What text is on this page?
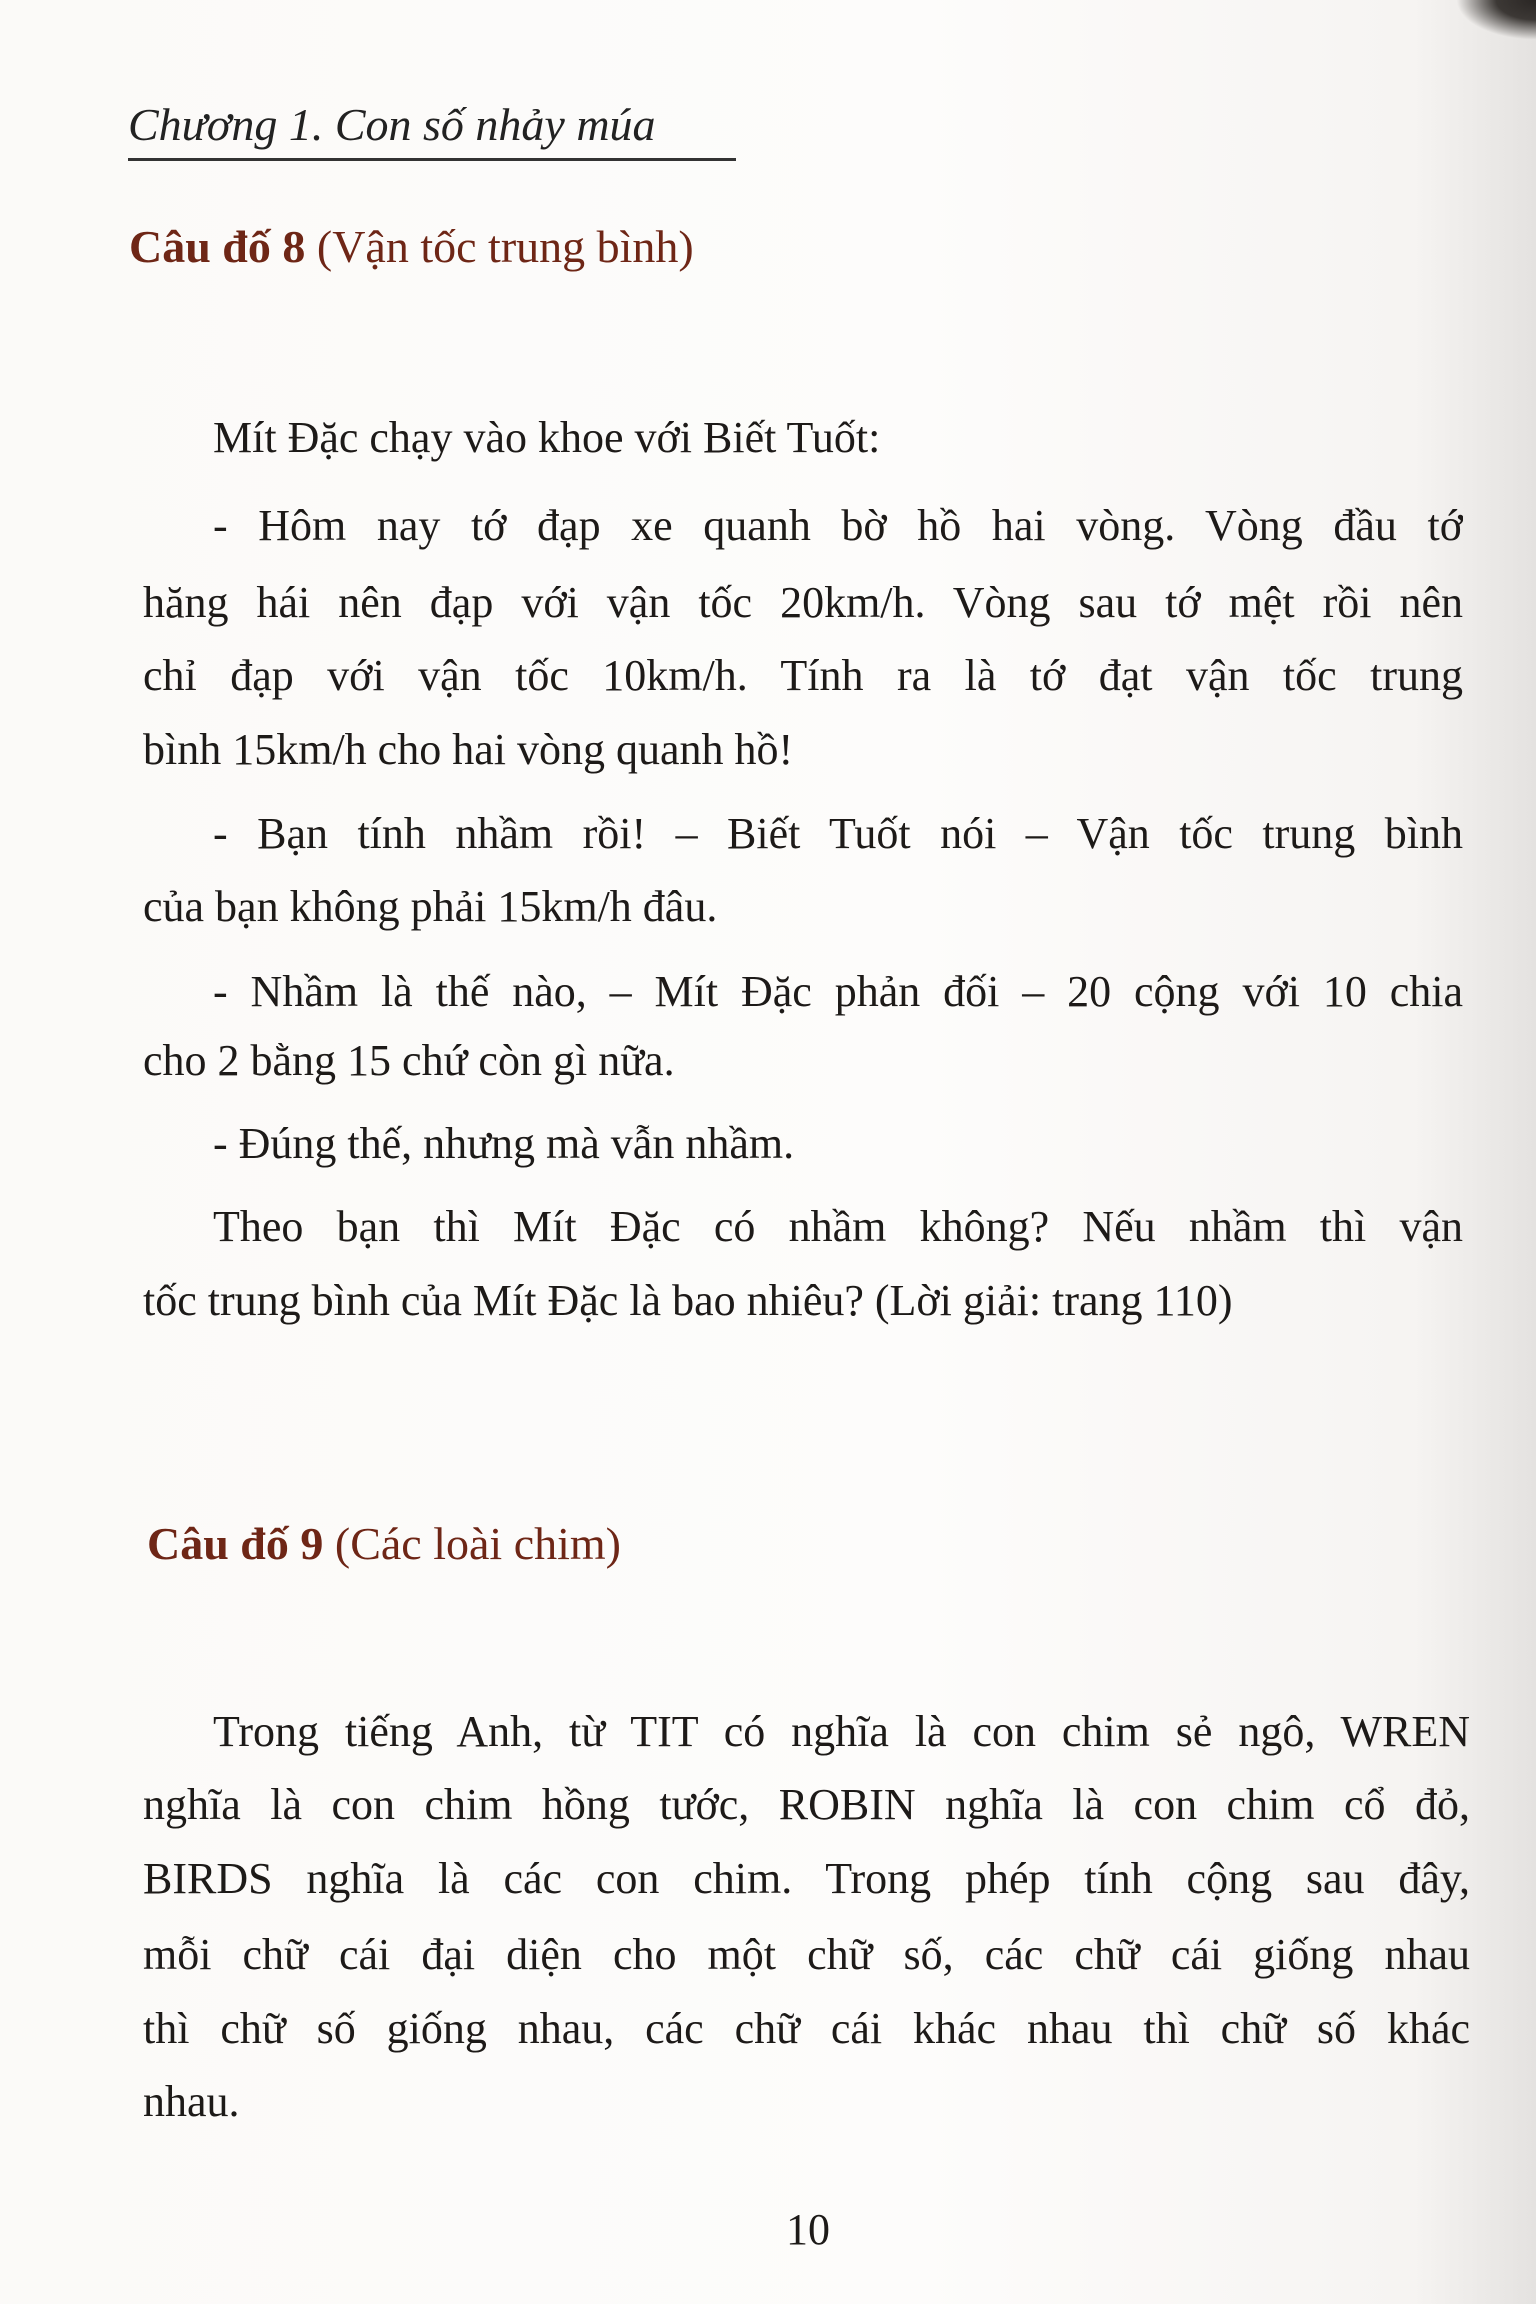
Chương 1. Con số nhảy múa
Câu đố 8 (Vận tốc trung bình)
Mít Đặc chạy vào khoe với Biết Tuốt:
- Hôm nay tớ đạp xe quanh bờ hồ hai vòng. Vòng đầu tớ
hăng hái nên đạp với vận tốc 20km/h. Vòng sau tớ mệt rồi nên
chỉ đạp với vận tốc 10km/h. Tính ra là tớ đạt vận tốc trung
bình 15km/h cho hai vòng quanh hồ!
- Bạn tính nhầm rồi! – Biết Tuốt nói – Vận tốc trung bình
của bạn không phải 15km/h đâu.
- Nhầm là thế nào, – Mít Đặc phản đối – 20 cộng với 10 chia
cho 2 bằng 15 chứ còn gì nữa.
- Đúng thế, nhưng mà vẫn nhầm.
Theo bạn thì Mít Đặc có nhầm không? Nếu nhầm thì vận
tốc trung bình của Mít Đặc là bao nhiêu? (Lời giải: trang 110)
Câu đố 9 (Các loài chim)
Trong tiếng Anh, từ TIT có nghĩa là con chim sẻ ngô, WREN
nghĩa là con chim hồng tước, ROBIN nghĩa là con chim cổ đỏ,
BIRDS nghĩa là các con chim. Trong phép tính cộng sau đây,
mỗi chữ cái đại diện cho một chữ số, các chữ cái giống nhau
thì chữ số giống nhau, các chữ cái khác nhau thì chữ số khác
nhau.
10
